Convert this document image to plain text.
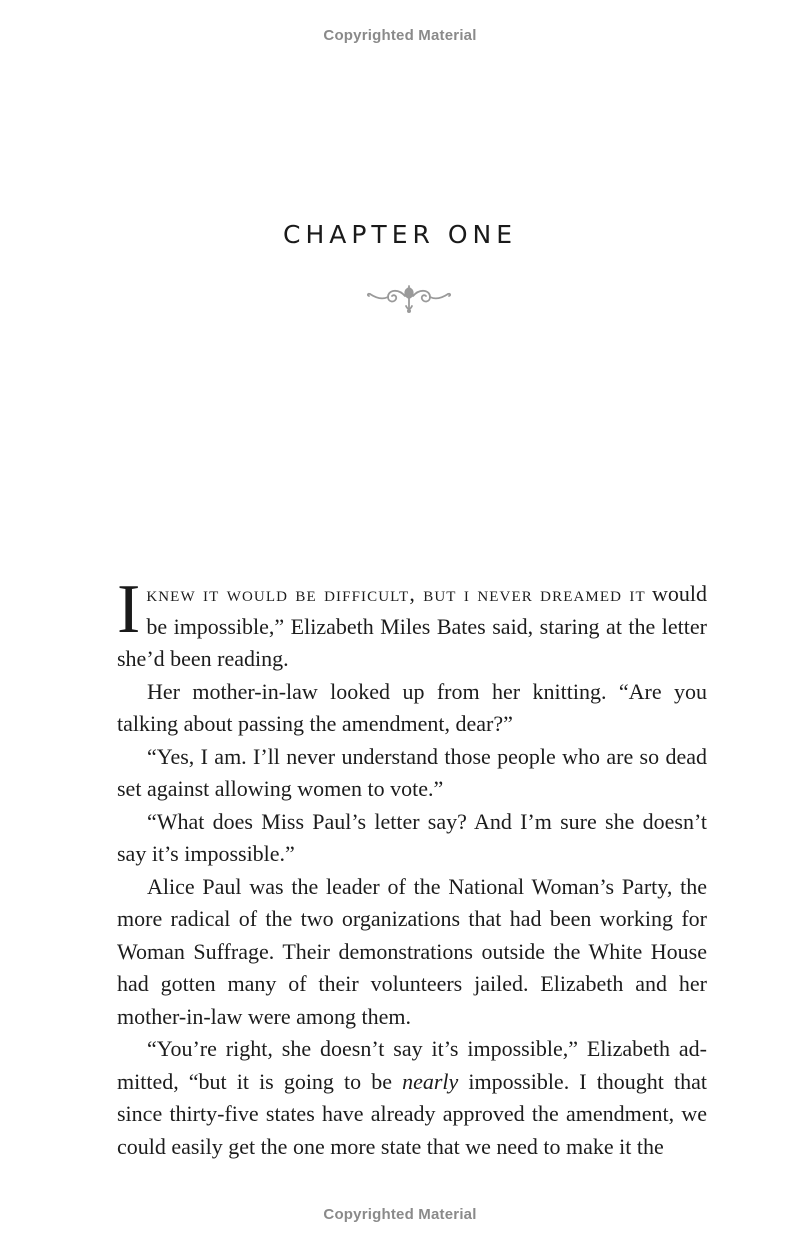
Copyrighted Material
CHAPTER ONE

Iknew it would be difficult, but i never dreamed it would be impossible,” Elizabeth Miles Bates said, staring at the letter she’d been reading.

Her mother-in-law looked up from her knitting. “Are you talking about passing the amendment, dear?”

“Yes, I am. I’ll never understand those people who are so dead set against allowing women to vote.”

“What does Miss Paul’s letter say? And I’m sure she doesn’t say it’s impossible.”

Alice Paul was the leader of the National Woman’s Party, the more radical of the two organizations that had been working for Woman Suffrage. Their demonstrations outside the White House had gotten many of their volunteers jailed. Elizabeth and her mother-in-law were among them.

“You’re right, she doesn’t say it’s impossible,” Elizabeth admitted, “but it is going to be nearly impossible. I thought that since thirty-five states have already approved the amendment, we could easily get the one more state that we need to make it the

Copyrighted Material
